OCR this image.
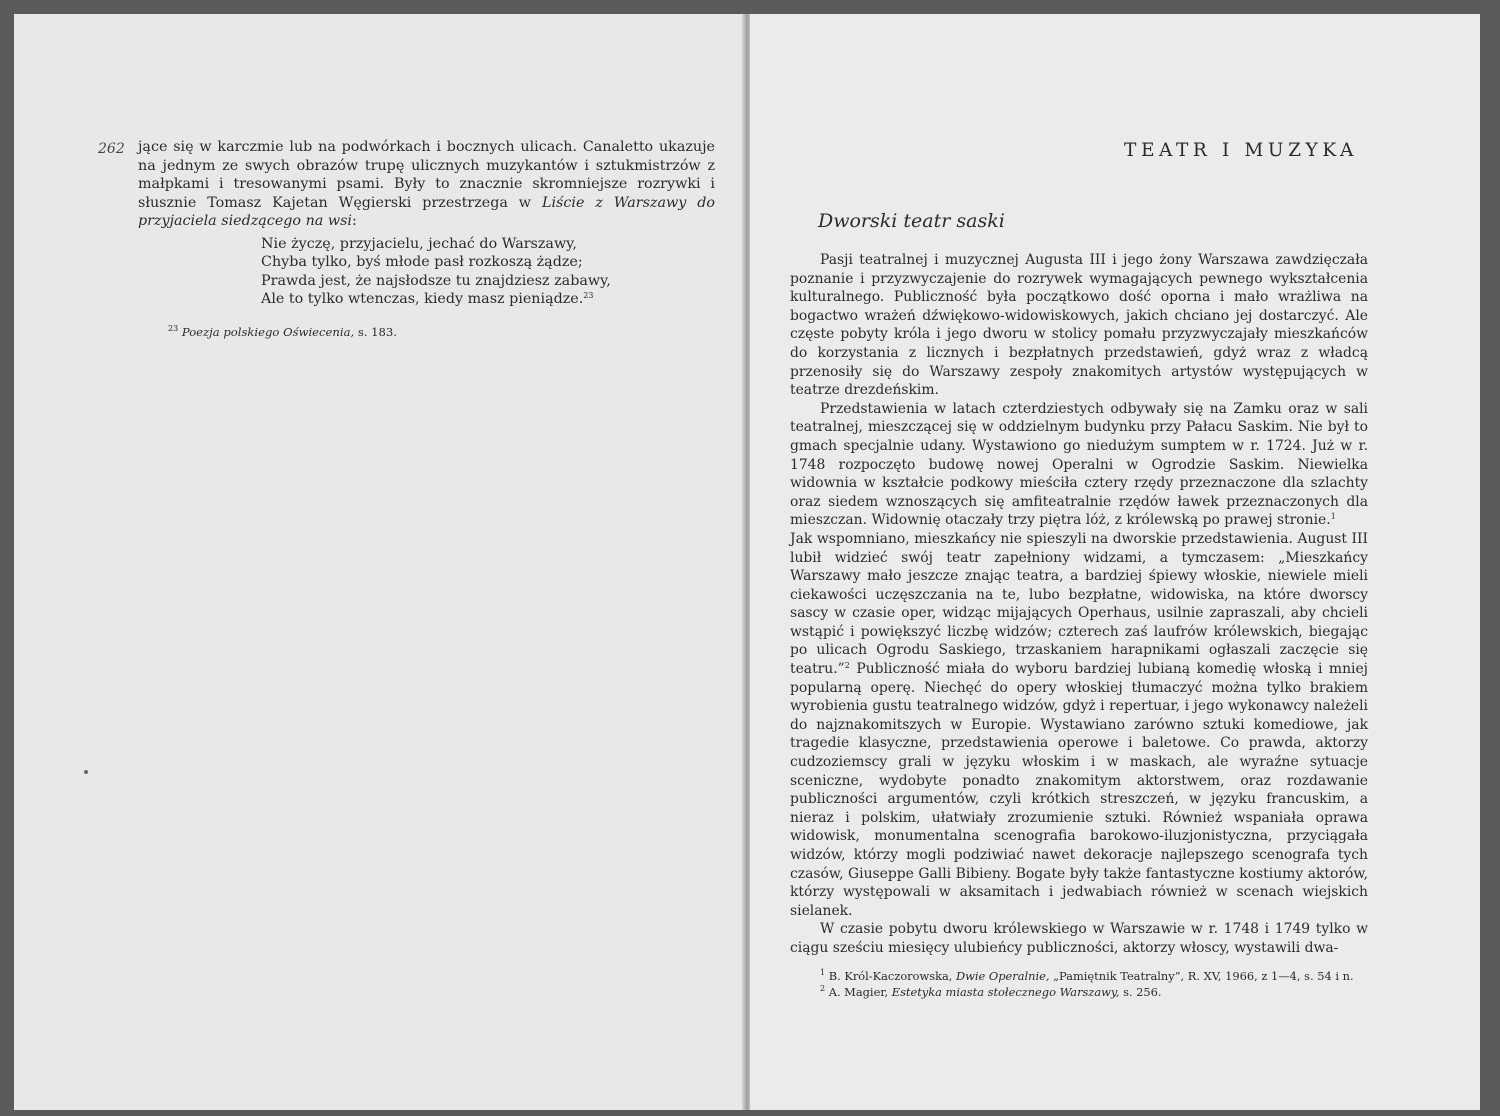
262 jące się w karczmie lub na podwórkach i bocznych ulicach. Canaletto ukazuje na jednym ze swych obrazów trupę ulicznych muzykantów i sztukmistrzów z małpkami i tresowanymi psami. Były to znacznie skromniejsze rozrywki i słusznie Tomasz Kajetan Węgierski przestrzega w Liście z Warszawy do przyjaciela siedzącego na wsi:

Nie życzę, przyjacielu, jechać do Warszawy,
Chyba tylko, byś młode pasł rozkoszą żądze;
Prawda jest, że najsłodsze tu znajdziesz zabawy,
Ale to tylko wtenczas, kiedy masz pieniądze.$^{23}$
$^{23}$ Poezja polskiego Oświecenia, s. 183.
TEATR I MUZYKA
Dworski teatr saski

Pasji teatralnej i muzycznej Augusta III i jego żony Warszawa zawdzięczała poznanie i przyzwyczajenie do rozrywek wymagających pewnego wykształcenia kulturalnego. Publiczność była początkowo dość oporna i mało wrażliwa na bogactwo wrażeń dźwiękowo-widowiskowych, jakich chciano jej dostarczyć. Ale częste pobyty króla i jego dworu w stolicy pomału przyzwyczajały mieszkańców do korzystania z licznych i bezpłatnych przedstawień, gdyż wraz z władcą przenosiły się do Warszawy zespoły znakomitych artystów występujących w teatrze drezdeńskim.

Przedstawienia w latach czterdziestych odbywały się na Zamku oraz w sali teatralnej, mieszczącej się w oddzielnym budynku przy Pałacu Saskim. Nie był to gmach specjalnie udany. Wystawiono go niedużym sumptem w r. 1724. Już w r. 1748 rozpoczęto budowę nowej Operalni w Ogrodzie Saskim. Niewielka widownia w kształcie podkowy mieściła cztery rzędy przeznaczone dla szlachty oraz siedem wznoszących się amfiteatralnie rzędów ławek przeznaczonych dla mieszczan. Widownię otaczały trzy piętra lóż, z królewską po prawej stronie.$^1$

Jak wspomniano, mieszkańcy nie spieszyli na dworskie przedstawienia. August III lubił widzieć swój teatr zapełniony widzami, a tymczasem: „Mieszkańcy Warszawy mało jeszcze znając teatra, a bardziej śpiewy włoskie, niewiele mieli ciekawości uczęszczania na te, lubo bezpłatne, widowiska, na które dworscy sascy w czasie oper, widząc mijających Operhaus, usilnie zapraszali, aby chcieli wstąpić i powiększyć liczbę widzów; czterech zaś laufrów królewskich, biegając po ulicach Ogrodu Saskiego, trzaskaniem harapnikami ogłaszali zaczęcie się teatru.”$^2$ Publiczność miała do wyboru bardziej lubianą komedię włoską i mniej popularną operę. Niechęć do opery włoskiej tłumaczyć można tylko brakiem wyrobienia gustu teatralnego widzów, gdyż i repertuar, i jego wykonawcy należeli do najznakomitszych w Europie. Wystawiano zarówno sztuki komediowe, jak tragedie klasyczne, przedstawienia operowe i baletowe. Co prawda, aktorzy cudzoziemscy grali w języku włoskim i w maskach, ale wyraźne sytuacje sceniczne, wydobyte ponadto znakomitym aktorstwem, oraz rozdawanie publiczności argumentów, czyli krótkich streszczeń, w języku francuskim, a nieraz i polskim, ułatwiały zrozumienie sztuki. Również wspaniała oprawa widowisk, monumentalna scenografia barokowo-iluzjonistyczna, przyciągała widzów, którzy mogli podziwiać nawet dekoracje najlepszego scenografa tych czasów, Giuseppe Galli Bibieny. Bogate były także fantastyczne kostiumy aktorów, którzy występowali w aksamitach i jedwabiach również w scenach wiejskich sielanek.

W czasie pobytu dworu królewskiego w Warszawie w r. 1748 i 1749 tylko w ciągu sześciu miesięcy ulubieńcy publiczności, aktorzy włoscy, wystawili dwa-

$^1$ B. Król-Kaczorowska, Dwie Operalnie, „Pamiętnik Teatralny”, R. XV, 1966, z 1—4, s. 54 i n.
$^2$ A. Magier, Estetyka miasta stołecznego Warszawy, s. 256.
